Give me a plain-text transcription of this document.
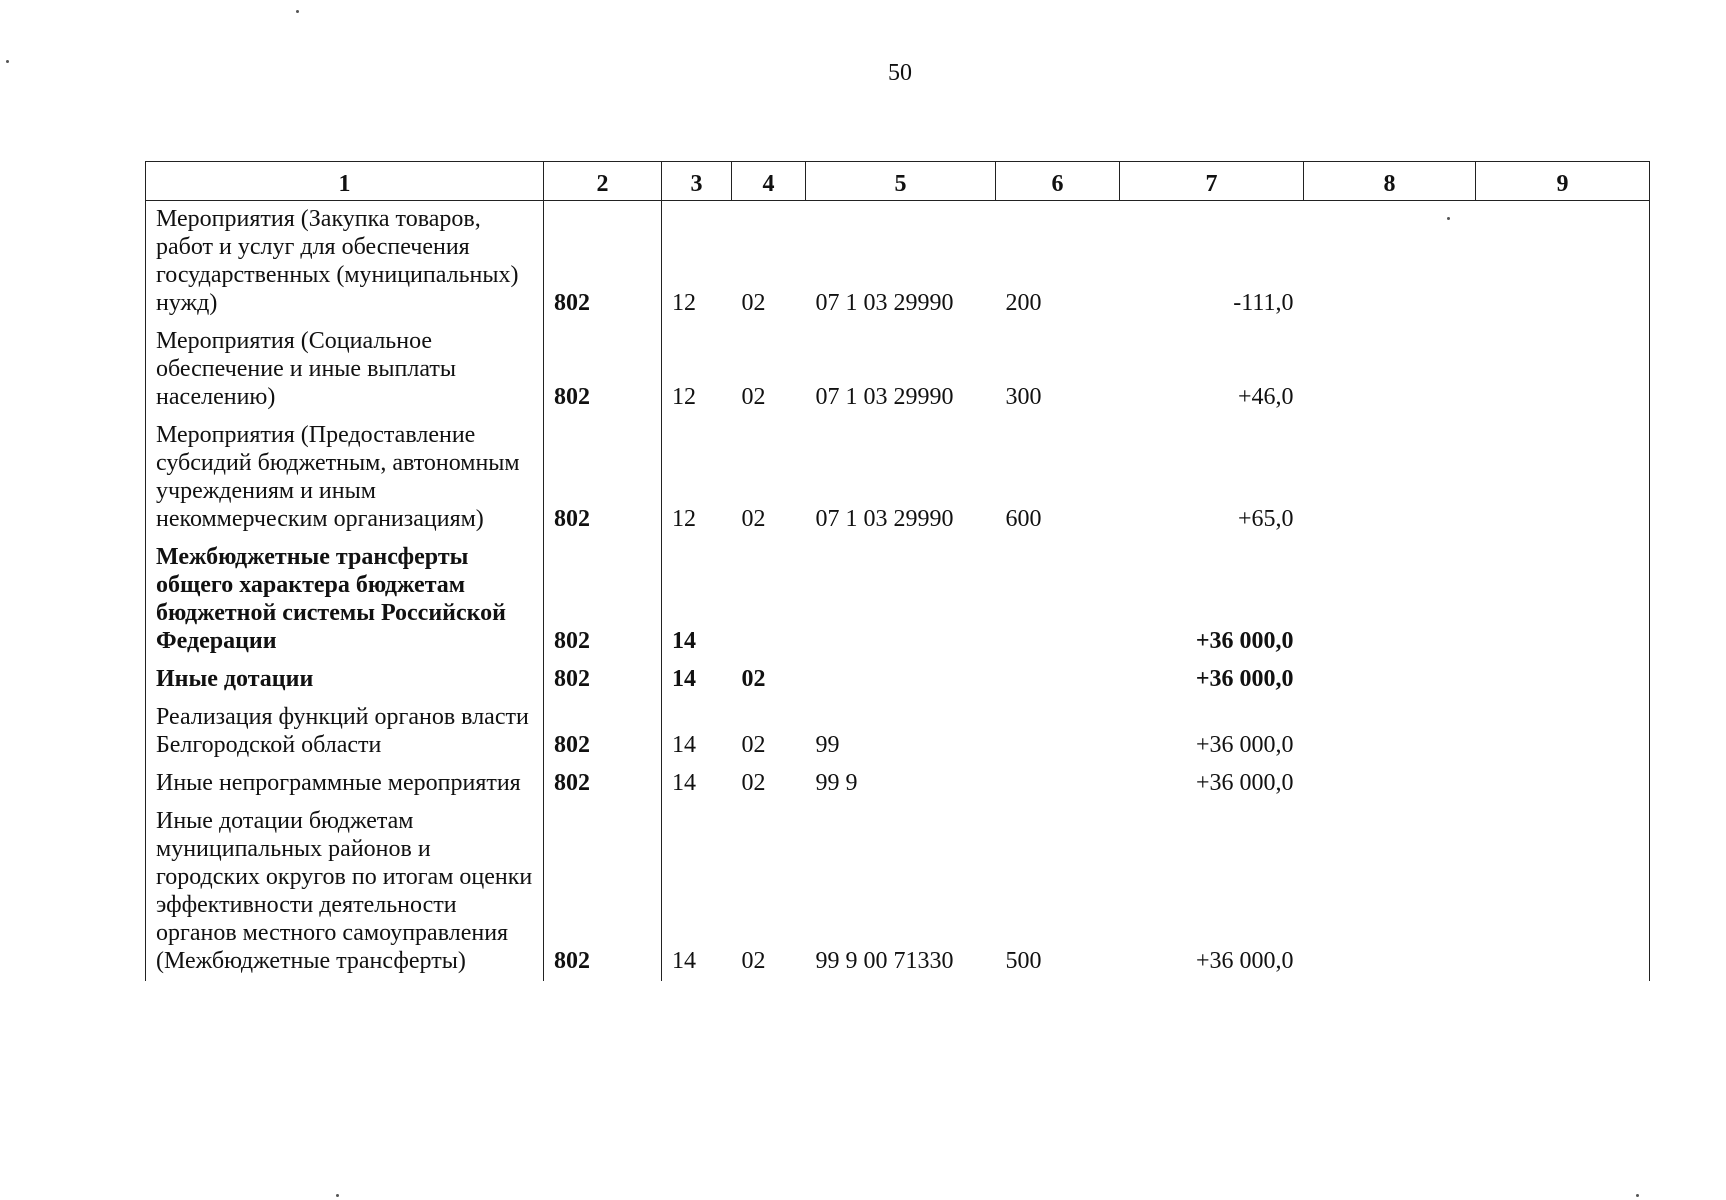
50
1	2	3	4	5	6	7	8	9
Мероприятия (Закупка товаров, работ и услуг для обеспечения государственных (муниципальных) нужд)	802	12	02	07 1 03 29990	200	-111,0		
Мероприятия (Социальное обеспечение и иные выплаты населению)	802	12	02	07 1 03 29990	300	+46,0		
Мероприятия (Предоставление субсидий бюджетным, автономным учреждениям и иным некоммерческим организациям)	802	12	02	07 1 03 29990	600	+65,0		
Межбюджетные трансферты общего характера бюджетам бюджетной системы Российской Федерации	802	14				+36 000,0		
Иные дотации	802	14	02			+36 000,0		
Реализация функций органов власти Белгородской области	802	14	02	99		+36 000,0		
Иные непрограммные мероприятия	802	14	02	99 9		+36 000,0		
Иные дотации бюджетам муниципальных районов и городских округов по итогам оценки эффективности деятельности органов местного самоуправления (Межбюджетные трансферты)	802	14	02	99 9 00 71330	500	+36 000,0		
